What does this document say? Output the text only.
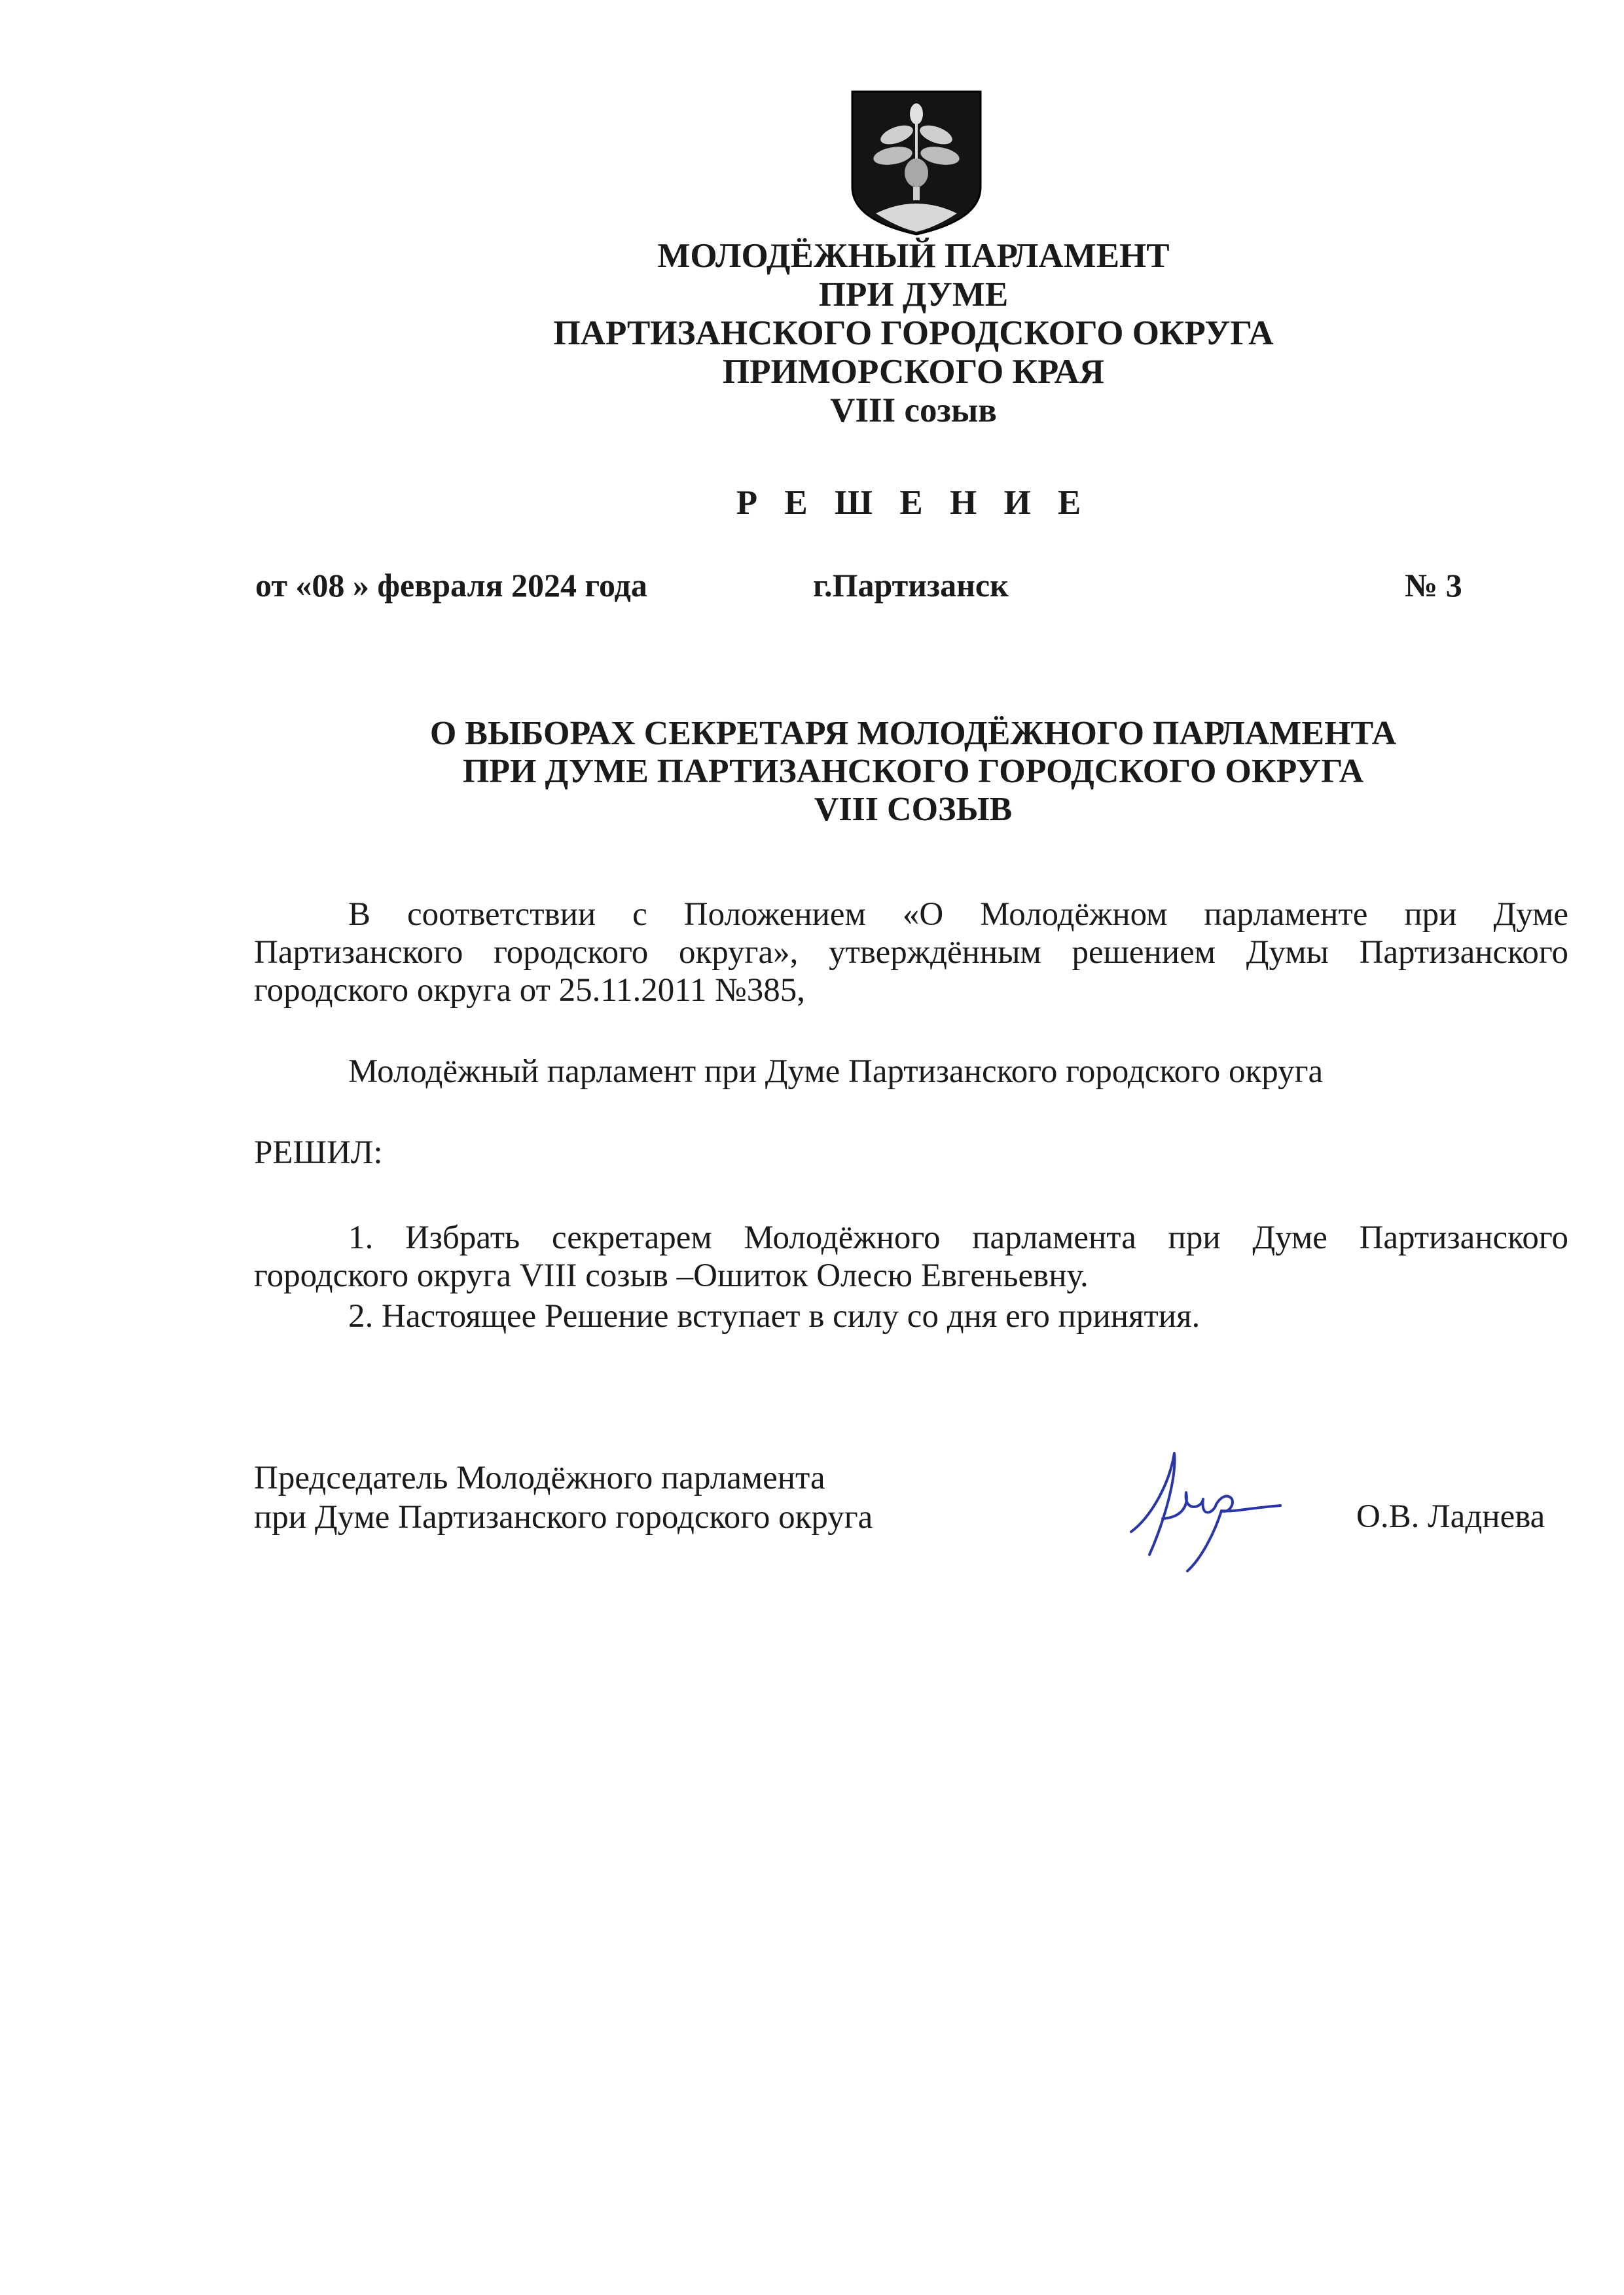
МОЛОДЁЖНЫЙ ПАРЛАМЕНТ
ПРИ ДУМЕ
ПАРТИЗАНСКОГО ГОРОДСКОГО ОКРУГА
ПРИМОРСКОГО КРАЯ
VIII созыв
Р Е Ш Е Н И Е
от «08 » февраля 2024 года	г.Партизанск	№ 3
О ВЫБОРАХ СЕКРЕТАРЯ МОЛОДЁЖНОГО ПАРЛАМЕНТА
ПРИ ДУМЕ ПАРТИЗАНСКОГО ГОРОДСКОГО ОКРУГА
VIII СОЗЫВ
В соответствии с Положением «О Молодёжном парламенте при Думе
Партизанского городского округа», утверждённым решением Думы Партизанского
городского округа от 25.11.2011 №385,
Молодёжный парламент при Думе Партизанского городского округа
РЕШИЛ:
1. Избрать секретарем Молодёжного парламента при Думе Партизанского
городского округа VIII созыв –Ошиток Олесю Евгеньевну.
2. Настоящее Решение вступает в силу со дня его принятия.
Председатель Молодёжного парламента
при Думе Партизанского городского округа	О.В. Ладнева
